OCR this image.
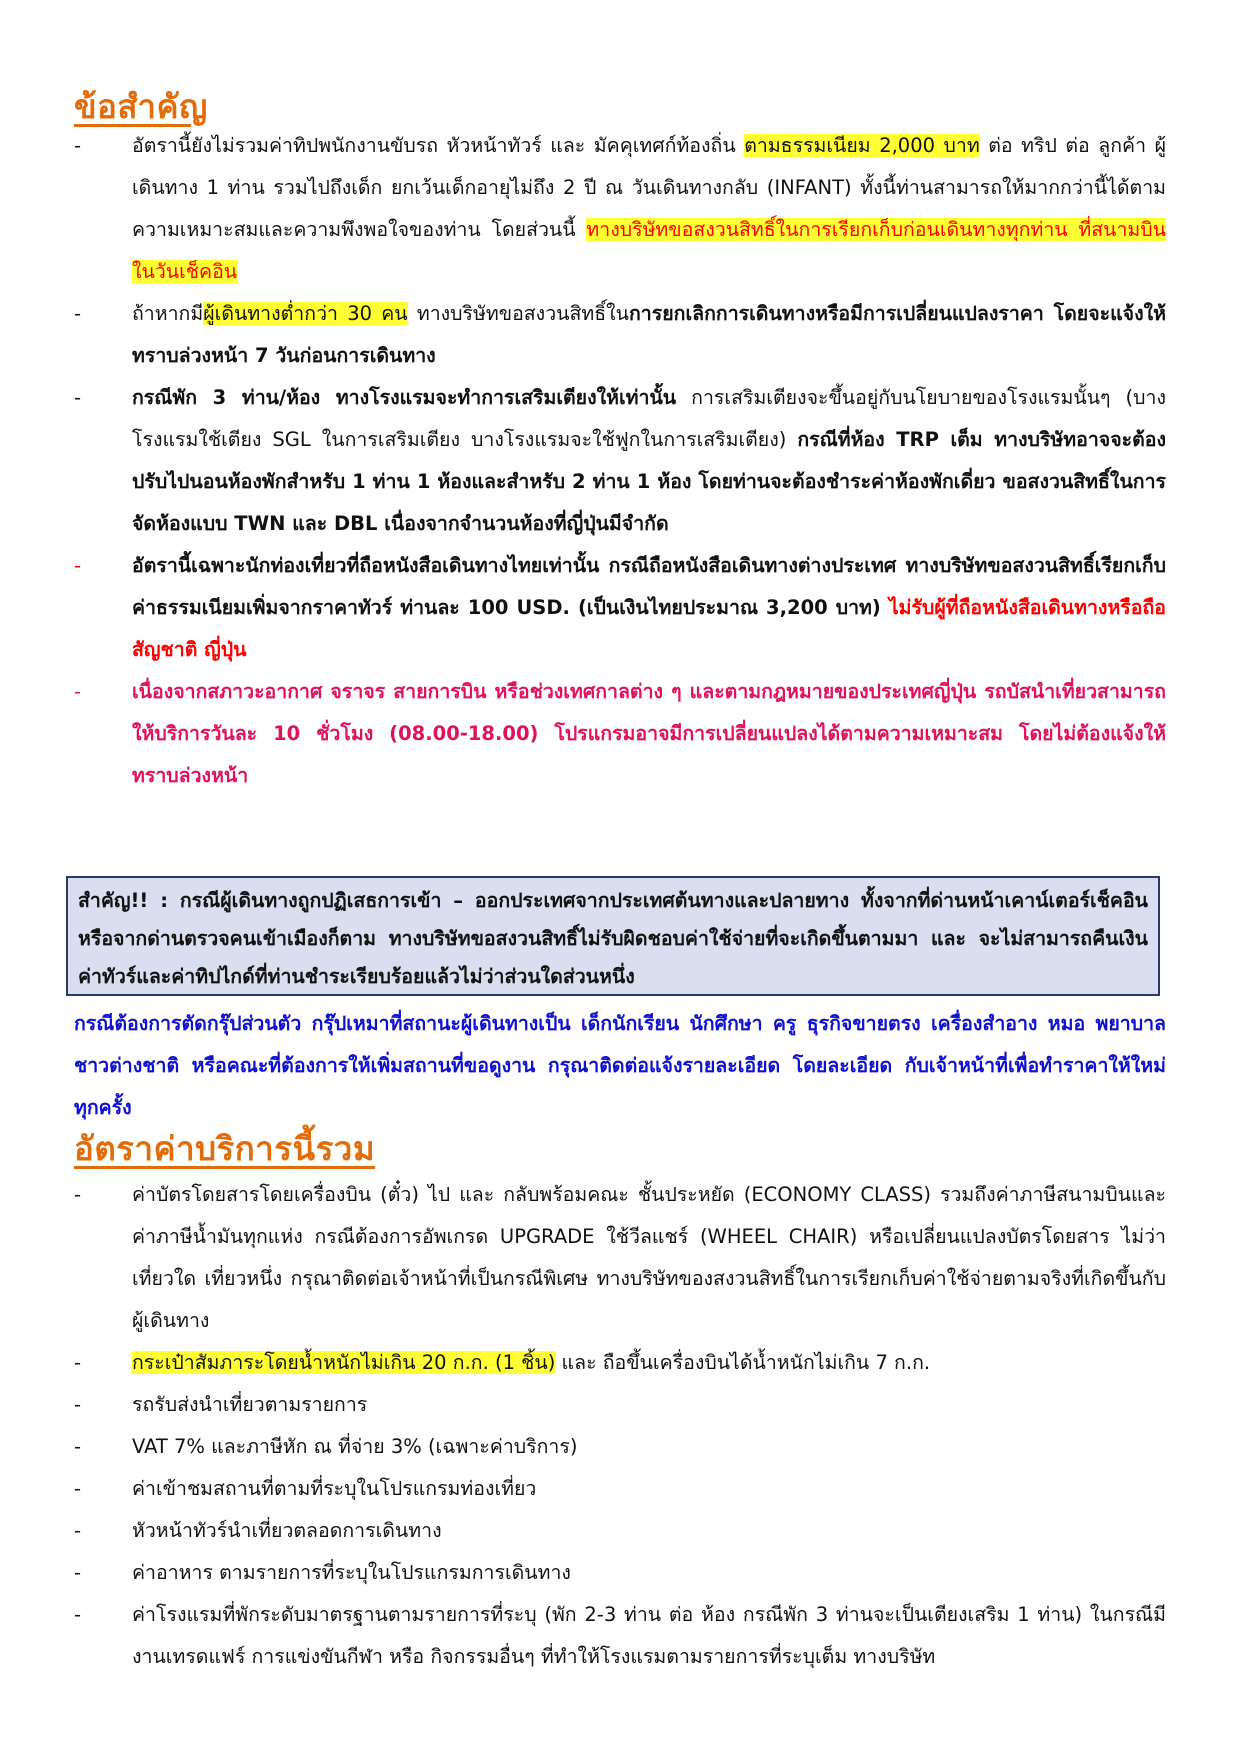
ข้อสำคัญ
-	อัตรานี้ยังไม่รวมค่าทิปพนักงานขับรถ หัวหน้าทัวร์ และ มัคคุเทศก์ท้องถิ่น ตามธรรมเนียม 2,000 บาท ต่อ ทริป ต่อ ลูกค้า ผู้เดินทาง 1 ท่าน รวมไปถึงเด็ก ยกเว้นเด็กอายุไม่ถึง 2 ปี ณ วันเดินทางกลับ (INFANT) ทั้งนี้ท่านสามารถให้มากกว่านี้ได้ตามความเหมาะสมและความพึงพอใจของท่าน โดยส่วนนี้ ทางบริษัทขอสงวนสิทธิ์ในการเรียกเก็บก่อนเดินทางทุกท่าน ที่สนามบิน ในวันเช็คอิน
-	ถ้าหากมีผู้เดินทางต่ำกว่า 30 คน ทางบริษัทขอสงวนสิทธิ์ในการยกเลิกการเดินทางหรือมีการเปลี่ยนแปลงราคา โดยจะแจ้งให้ทราบล่วงหน้า 7 วันก่อนการเดินทาง
-	กรณีพัก 3 ท่าน/ห้อง ทางโรงแรมจะทำการเสริมเตียงให้เท่านั้น การเสริมเตียงจะขึ้นอยู่กับนโยบายของโรงแรมนั้นๆ (บางโรงแรมใช้เตียง SGL ในการเสริมเตียง บางโรงแรมจะใช้ฟูกในการเสริมเตียง) กรณีที่ห้อง TRP เต็ม ทางบริษัทอาจจะต้องปรับไปนอนห้องพักสำหรับ 1 ท่าน 1 ห้องและสำหรับ 2 ท่าน 1 ห้อง โดยท่านจะต้องชำระค่าห้องพักเดี่ยว ขอสงวนสิทธิ์ในการจัดห้องแบบ TWN และ DBL เนื่องจากจำนวนห้องที่ญี่ปุ่นมีจำกัด
-	อัตรานี้เฉพาะนักท่องเที่ยวที่ถือหนังสือเดินทางไทยเท่านั้น กรณีถือหนังสือเดินทางต่างประเทศ ทางบริษัทขอสงวนสิทธิ์เรียกเก็บค่าธรรมเนียมเพิ่มจากราคาทัวร์ ท่านละ 100 USD. (เป็นเงินไทยประมาณ 3,200 บาท) ไม่รับผู้ที่ถือหนังสือเดินทางหรือถือสัญชาติ ญี่ปุ่น
-	เนื่องจากสภาวะอากาศ จราจร สายการบิน หรือช่วงเทศกาลต่าง ๆ และตามกฎหมายของประเทศญี่ปุ่น รถบัสนำเที่ยวสามารถให้บริการวันละ 10 ชั่วโมง (08.00-18.00) โปรแกรมอาจมีการเปลี่ยนแปลงได้ตามความเหมาะสม โดยไม่ต้องแจ้งให้ทราบล่วงหน้า
สำคัญ!! : กรณีผู้เดินทางถูกปฏิเสธการเข้า – ออกประเทศจากประเทศต้นทางและปลายทาง ทั้งจากที่ด่านหน้าเคาน์เตอร์เช็คอิน หรือจากด่านตรวจคนเข้าเมืองก็ตาม ทางบริษัทขอสงวนสิทธิ์ไม่รับผิดชอบค่าใช้จ่ายที่จะเกิดขึ้นตามมา และ จะไม่สามารถคืนเงินค่าทัวร์และค่าทิปไกด์ที่ท่านชำระเรียบร้อยแล้วไม่ว่าส่วนใดส่วนหนึ่ง
กรณีต้องการตัดกรุ๊ปส่วนตัว กรุ๊ปเหมาที่สถานะผู้เดินทางเป็น เด็กนักเรียน นักศึกษา ครู ธุรกิจขายตรง เครื่องสำอาง หมอ พยาบาล ชาวต่างชาติ หรือคณะที่ต้องการให้เพิ่มสถานที่ขอดูงาน กรุณาติดต่อแจ้งรายละเอียด โดยละเอียด กับเจ้าหน้าที่เพื่อทำราคาให้ใหม่ทุกครั้ง
อัตราค่าบริการนี้รวม
-	ค่าบัตรโดยสารโดยเครื่องบิน (ตั๋ว) ไป และ กลับพร้อมคณะ ชั้นประหยัด (ECONOMY CLASS) รวมถึงค่าภาษีสนามบินและค่าภาษีน้ำมันทุกแห่ง กรณีต้องการอัพเกรด UPGRADE ใช้วีลแชร์ (WHEEL CHAIR) หรือเปลี่ยนแปลงบัตรโดยสาร ไม่ว่าเที่ยวใด เที่ยวหนึ่ง กรุณาติดต่อเจ้าหน้าที่เป็นกรณีพิเศษ ทางบริษัทของสงวนสิทธิ์ในการเรียกเก็บค่าใช้จ่ายตามจริงที่เกิดขึ้นกับผู้เดินทาง
-	กระเป๋าสัมภาระโดยน้ำหนักไม่เกิน 20 ก.ก. (1 ชิ้น) และ ถือขึ้นเครื่องบินได้น้ำหนักไม่เกิน 7 ก.ก.
-	รถรับส่งนำเที่ยวตามรายการ
-	VAT 7% และภาษีหัก ณ ที่จ่าย 3% (เฉพาะค่าบริการ)
-	ค่าเข้าชมสถานที่ตามที่ระบุในโปรแกรมท่องเที่ยว
-	หัวหน้าทัวร์นำเที่ยวตลอดการเดินทาง
-	ค่าอาหาร ตามรายการที่ระบุในโปรแกรมการเดินทาง
-	ค่าโรงแรมที่พักระดับมาตรฐานตามรายการที่ระบุ (พัก 2-3 ท่าน ต่อ ห้อง กรณีพัก 3 ท่านจะเป็นเตียงเสริม 1 ท่าน) ในกรณีมีงานเทรดแฟร์ การแข่งขันกีฬา หรือ กิจกรรมอื่นๆ ที่ทำให้โรงแรมตามรายการที่ระบุเต็ม ทางบริษัท
